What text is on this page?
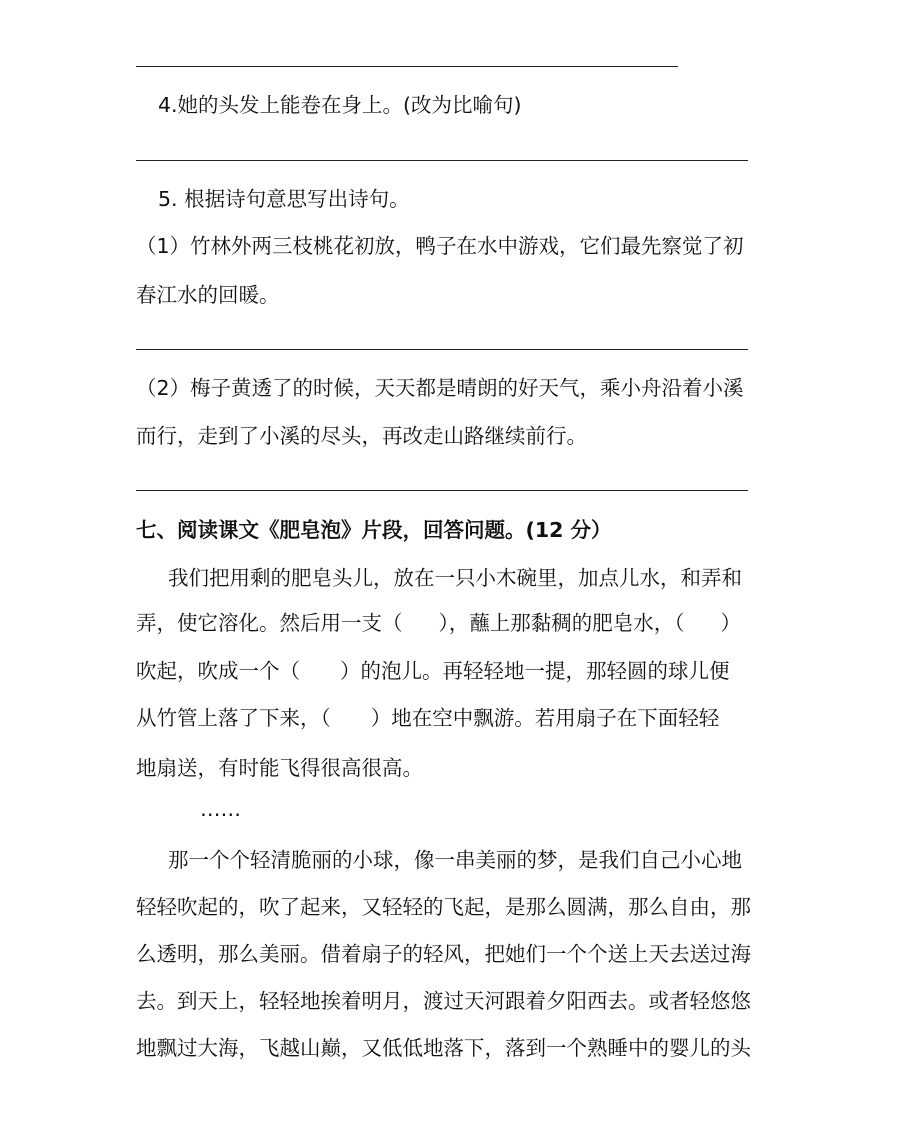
4.她的头发上能卷在身上。(改为比喻句)
5. 根据诗句意思写出诗句。
（1）竹林外两三枝桃花初放，鸭子在水中游戏，它们最先察觉了初
春江水的回暖。
（2）梅子黄透了的时候，天天都是晴朗的好天气，乘小舟沿着小溪
而行，走到了小溪的尽头，再改走山路继续前行。
七、阅读课文《肥皂泡》片段，回答问题。(12 分）
我们把用剩的肥皂头儿，放在一只小木碗里，加点儿水，和弄和
弄，使它溶化。然后用一支（ ），蘸上那黏稠的肥皂水，（ ）
吹起，吹成一个（ ）的泡儿。再轻轻地一提，那轻圆的球儿便
从竹管上落了下来，（ ）地在空中飘游。若用扇子在下面轻轻
地扇送，有时能飞得很高很高。
……
那一个个轻清脆丽的小球，像一串美丽的梦，是我们自己小心地
轻轻吹起的，吹了起来，又轻轻的飞起，是那么圆满，那么自由，那
么透明，那么美丽。借着扇子的轻风，把她们一个个送上天去送过海
去。到天上，轻轻地挨着明月，渡过天河跟着夕阳西去。或者轻悠悠
地飘过大海，飞越山巅，又低低地落下，落到一个熟睡中的婴儿的头
